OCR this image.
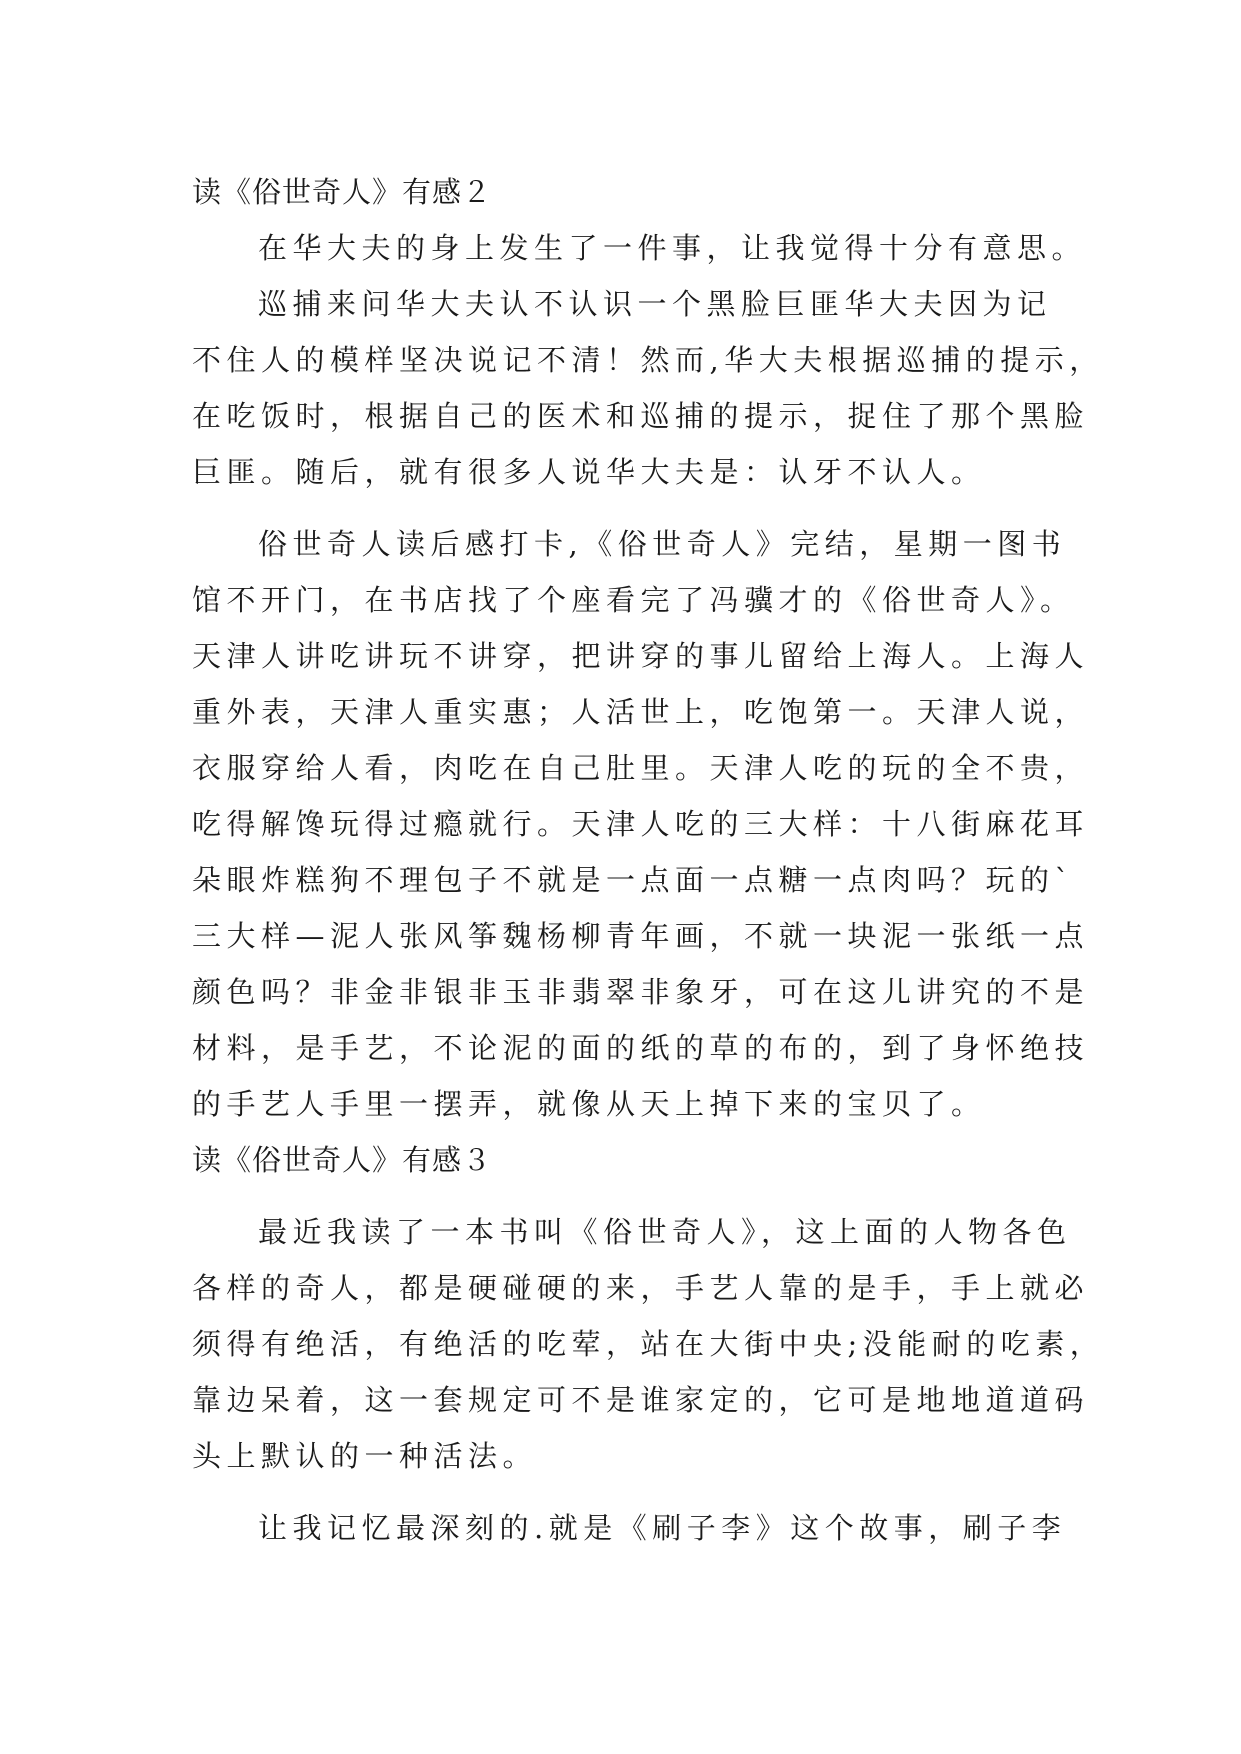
读《俗世奇人》有感２

在华大夫的身上发生了一件事，让我觉得十分有意思。

巡捕来问华大夫认不认识一个黑脸巨匪华大夫因为记
不住人的模样坚决说记不清！然而,华大夫根据巡捕的提示，
在吃饭时，根据自己的医术和巡捕的提示，捉住了那个黑脸
巨匪。随后，就有很多人说华大夫是：认牙不认人。

俗世奇人读后感打卡,《俗世奇人》完结，星期一图书
馆不开门，在书店找了个座看完了冯骥才的《俗世奇人》。
天津人讲吃讲玩不讲穿，把讲穿的事儿留给上海人。上海人
重外表，天津人重实惠；人活世上，吃饱第一。天津人说，
衣服穿给人看，肉吃在自己肚里。天津人吃的玩的全不贵，
吃得解馋玩得过瘾就行。天津人吃的三大样：十八街麻花耳
朵眼炸糕狗不理包子不就是一点面一点糖一点肉吗？玩的`
三大样—泥人张风筝魏杨柳青年画，不就一块泥一张纸一点
颜色吗？非金非银非玉非翡翠非象牙，可在这儿讲究的不是
材料，是手艺，不论泥的面的纸的草的布的，到了身怀绝技
的手艺人手里一摆弄，就像从天上掉下来的宝贝了。

读《俗世奇人》有感３

最近我读了一本书叫《俗世奇人》，这上面的人物各色
各样的奇人，都是硬碰硬的来，手艺人靠的是手，手上就必
须得有绝活，有绝活的吃荤，站在大街中央;没能耐的吃素，
靠边呆着，这一套规定可不是谁家定的，它可是地地道道码
头上默认的一种活法。

让我记忆最深刻的.就是《刷子李》这个故事，刷子李
